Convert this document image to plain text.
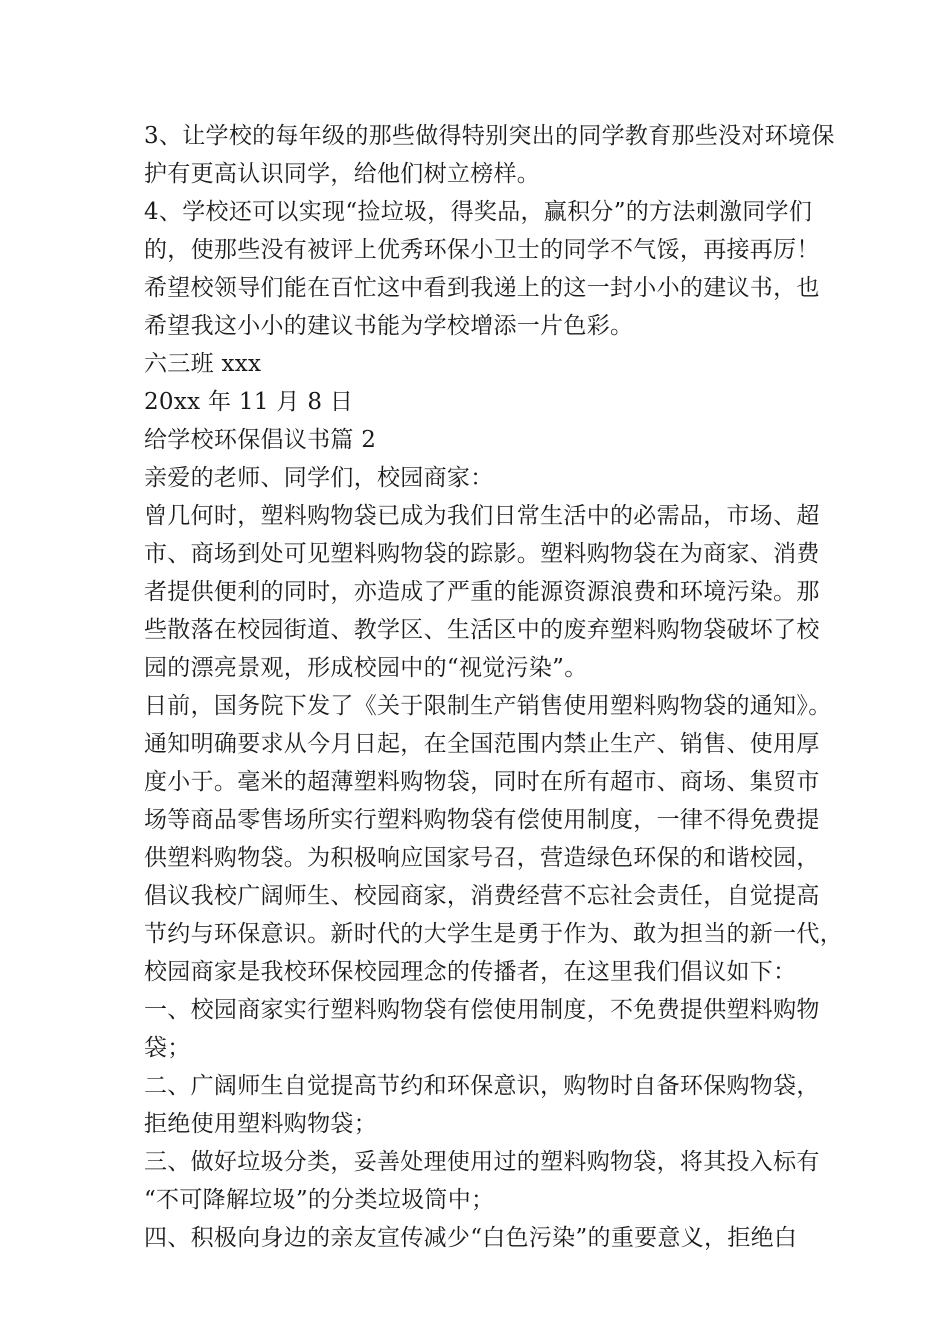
3、让学校的每年级的那些做得特别突出的同学教育那些没对环境保
护有更高认识同学，给他们树立榜样。
4、学校还可以实现“捡垃圾，得奖品，赢积分”的方法刺激同学们
的，使那些没有被评上优秀环保小卫士的同学不气馁，再接再厉！
希望校领导们能在百忙这中看到我递上的这一封小小的建议书，也
希望我这小小的建议书能为学校增添一片色彩。
六三班 xxx
20xx 年 11 月 8 日
给学校环保倡议书篇 2
亲爱的老师、同学们，校园商家：
曾几何时，塑料购物袋已成为我们日常生活中的必需品，市场、超
市、商场到处可见塑料购物袋的踪影。塑料购物袋在为商家、消费
者提供便利的同时，亦造成了严重的能源资源浪费和环境污染。那
些散落在校园街道、教学区、生活区中的废弃塑料购物袋破坏了校
园的漂亮景观，形成校园中的“视觉污染”。
日前，国务院下发了《关于限制生产销售使用塑料购物袋的通知》。
通知明确要求从今月日起，在全国范围内禁止生产、销售、使用厚
度小于。毫米的超薄塑料购物袋，同时在所有超市、商场、集贸市
场等商品零售场所实行塑料购物袋有偿使用制度，一律不得免费提
供塑料购物袋。为积极响应国家号召，营造绿色环保的和谐校园，
倡议我校广阔师生、校园商家，消费经营不忘社会责任，自觉提高
节约与环保意识。新时代的大学生是勇于作为、敢为担当的新一代，
校园商家是我校环保校园理念的传播者，在这里我们倡议如下：
一、校园商家实行塑料购物袋有偿使用制度，不免费提供塑料购物
袋；
二、广阔师生自觉提高节约和环保意识，购物时自备环保购物袋，
拒绝使用塑料购物袋；
三、做好垃圾分类，妥善处理使用过的塑料购物袋，将其投入标有
“不可降解垃圾”的分类垃圾筒中；
四、积极向身边的亲友宣传减少“白色污染”的重要意义，拒绝白
